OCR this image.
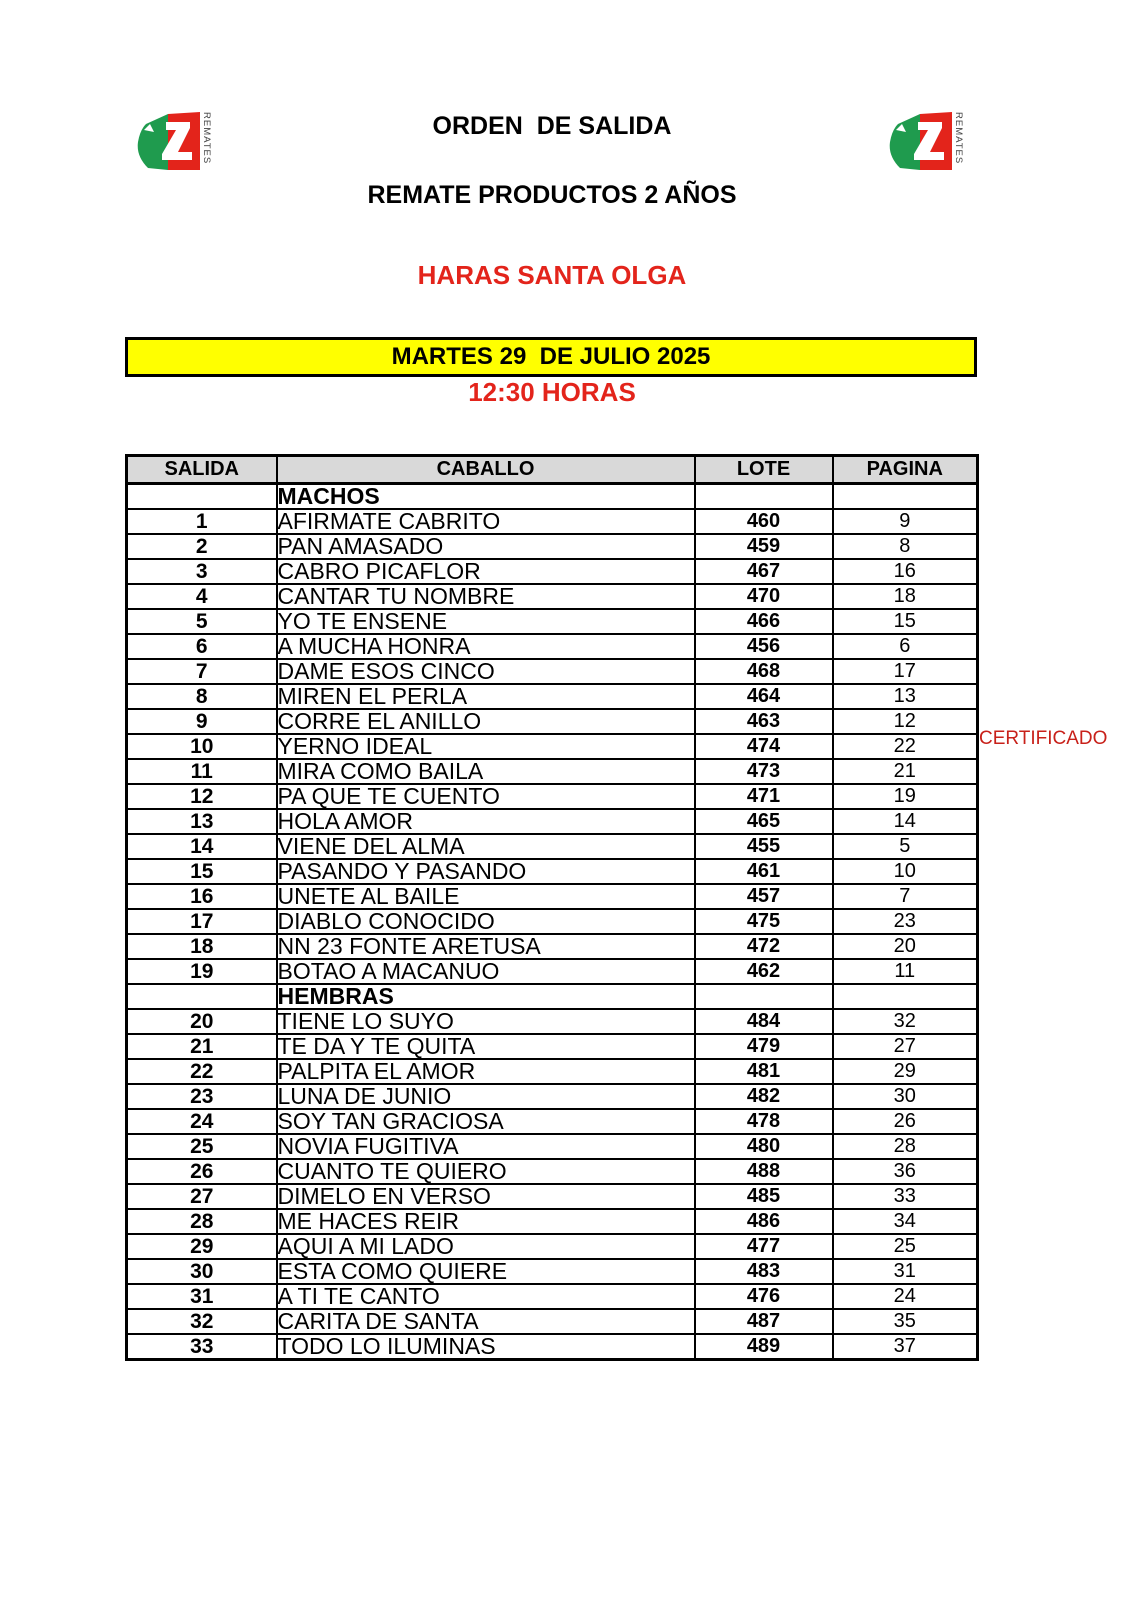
REMATES	REMATES
ORDEN  DE SALIDA
REMATE PRODUCTOS 2 AÑOS
HARAS SANTA OLGA
MARTES 29  DE JULIO 2025
12:30 HORAS
SALIDA	CABALLO	LOTE	PAGINA
	MACHOS		
1	AFIRMATE CABRITO	460	9
2	PAN AMASADO	459	8
3	CABRO PICAFLOR	467	16
4	CANTAR TU NOMBRE	470	18
5	YO TE ENSENE	466	15
6	A MUCHA HONRA	456	6
7	DAME ESOS CINCO	468	17
8	MIREN EL PERLA	464	13
9	CORRE EL ANILLO	463	12
10	YERNO IDEAL	474	22
11	MIRA COMO BAILA	473	21
12	PA QUE TE CUENTO	471	19
13	HOLA AMOR	465	14
14	VIENE DEL ALMA	455	5
15	PASANDO Y PASANDO	461	10
16	UNETE AL BAILE	457	7
17	DIABLO CONOCIDO	475	23
18	NN 23 FONTE ARETUSA	472	20
19	BOTAO A MACANUO	462	11
	HEMBRAS		
20	TIENE LO SUYO	484	32
21	TE DA Y TE QUITA	479	27
22	PALPITA EL AMOR	481	29
23	LUNA DE JUNIO	482	30
24	SOY TAN GRACIOSA	478	26
25	NOVIA FUGITIVA	480	28
26	CUANTO TE QUIERO	488	36
27	DIMELO EN VERSO	485	33
28	ME HACES REIR	486	34
29	AQUI A MI LADO	477	25
30	ESTA COMO QUIERE	483	31
31	A TI TE CANTO	476	24
32	CARITA DE SANTA	487	35
33	TODO LO ILUMINAS	489	37
CERTIFICADO
